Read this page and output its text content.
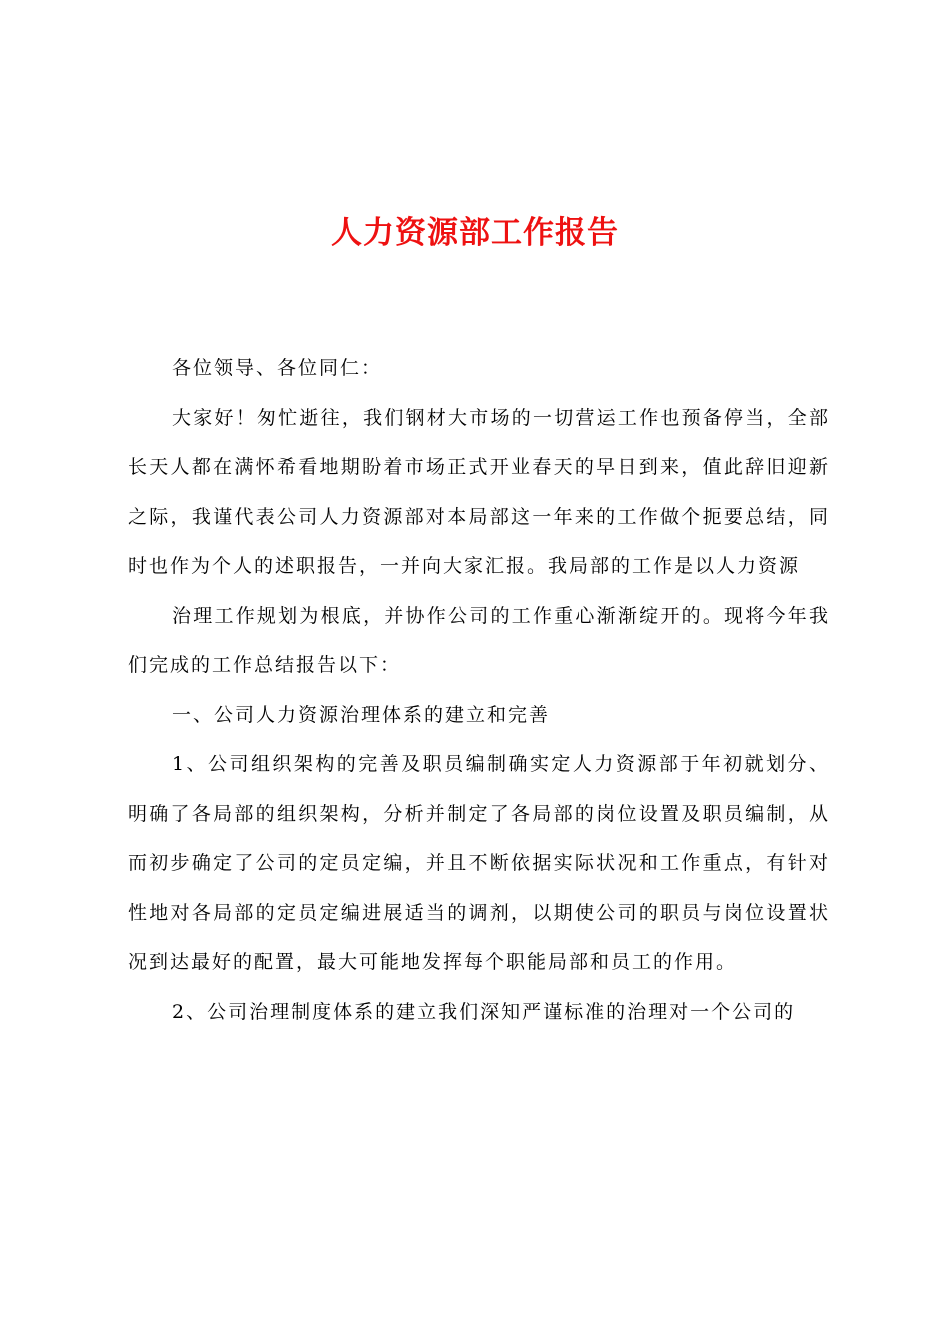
人力资源部工作报告

各位领导、各位同仁：

大家好！匆忙逝往，我们钢材大市场的一切营运工作也预备停当，全部长天人都在满怀希看地期盼着市场正式开业春天的早日到来，值此辞旧迎新之际，我谨代表公司人力资源部对本局部这一年来的工作做个扼要总结，同时也作为个人的述职报告，一并向大家汇报。我局部的工作是以人力资源

治理工作规划为根底，并协作公司的工作重心渐渐绽开的。现将今年我们完成的工作总结报告以下：

一、公司人力资源治理体系的建立和完善

1、公司组织架构的完善及职员编制确实定人力资源部于年初就划分、明确了各局部的组织架构，分析并制定了各局部的岗位设置及职员编制，从而初步确定了公司的定员定编，并且不断依据实际状况和工作重点，有针对性地对各局部的定员定编进展适当的调剂，以期使公司的职员与岗位设置状况到达最好的配置，最大可能地发挥每个职能局部和员工的作用。

2、公司治理制度体系的建立我们深知严谨标准的治理对一个公司的
